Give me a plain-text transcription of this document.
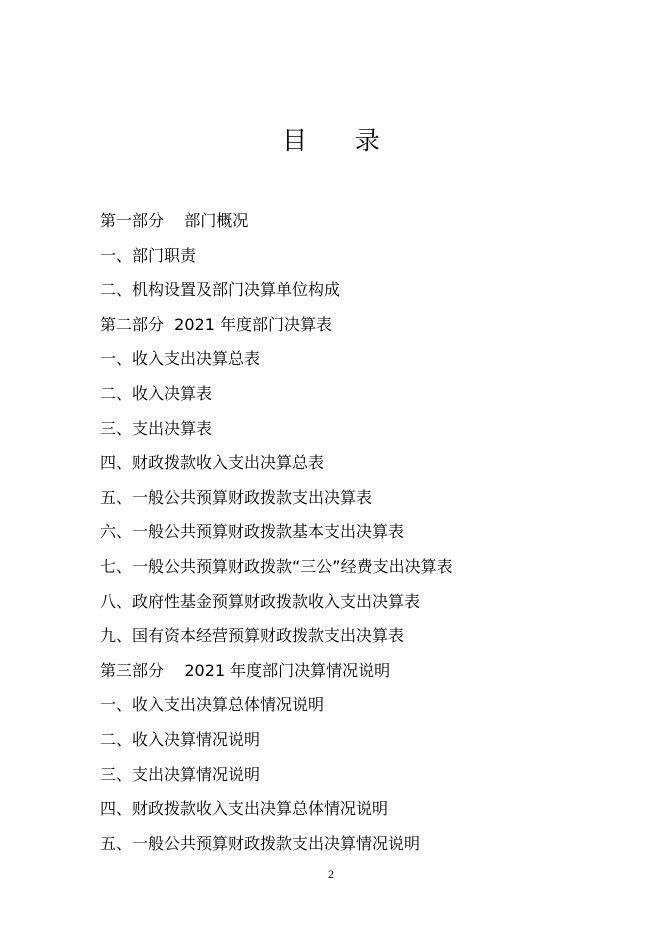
目      录
第一部分    部门概况
一、部门职责
二、机构设置及部门决算单位构成
第二部分  2021 年度部门决算表
一、收入支出决算总表
二、收入决算表
三、支出决算表
四、财政拨款收入支出决算总表
五、一般公共预算财政拨款支出决算表
六、一般公共预算财政拨款基本支出决算表
七、一般公共预算财政拨款“三公”经费支出决算表
八、政府性基金预算财政拨款收入支出决算表
九、国有资本经营预算财政拨款支出决算表
第三部分    2021 年度部门决算情况说明
一、收入支出决算总体情况说明
二、收入决算情况说明
三、支出决算情况说明
四、财政拨款收入支出决算总体情况说明
五、一般公共预算财政拨款支出决算情况说明
2
